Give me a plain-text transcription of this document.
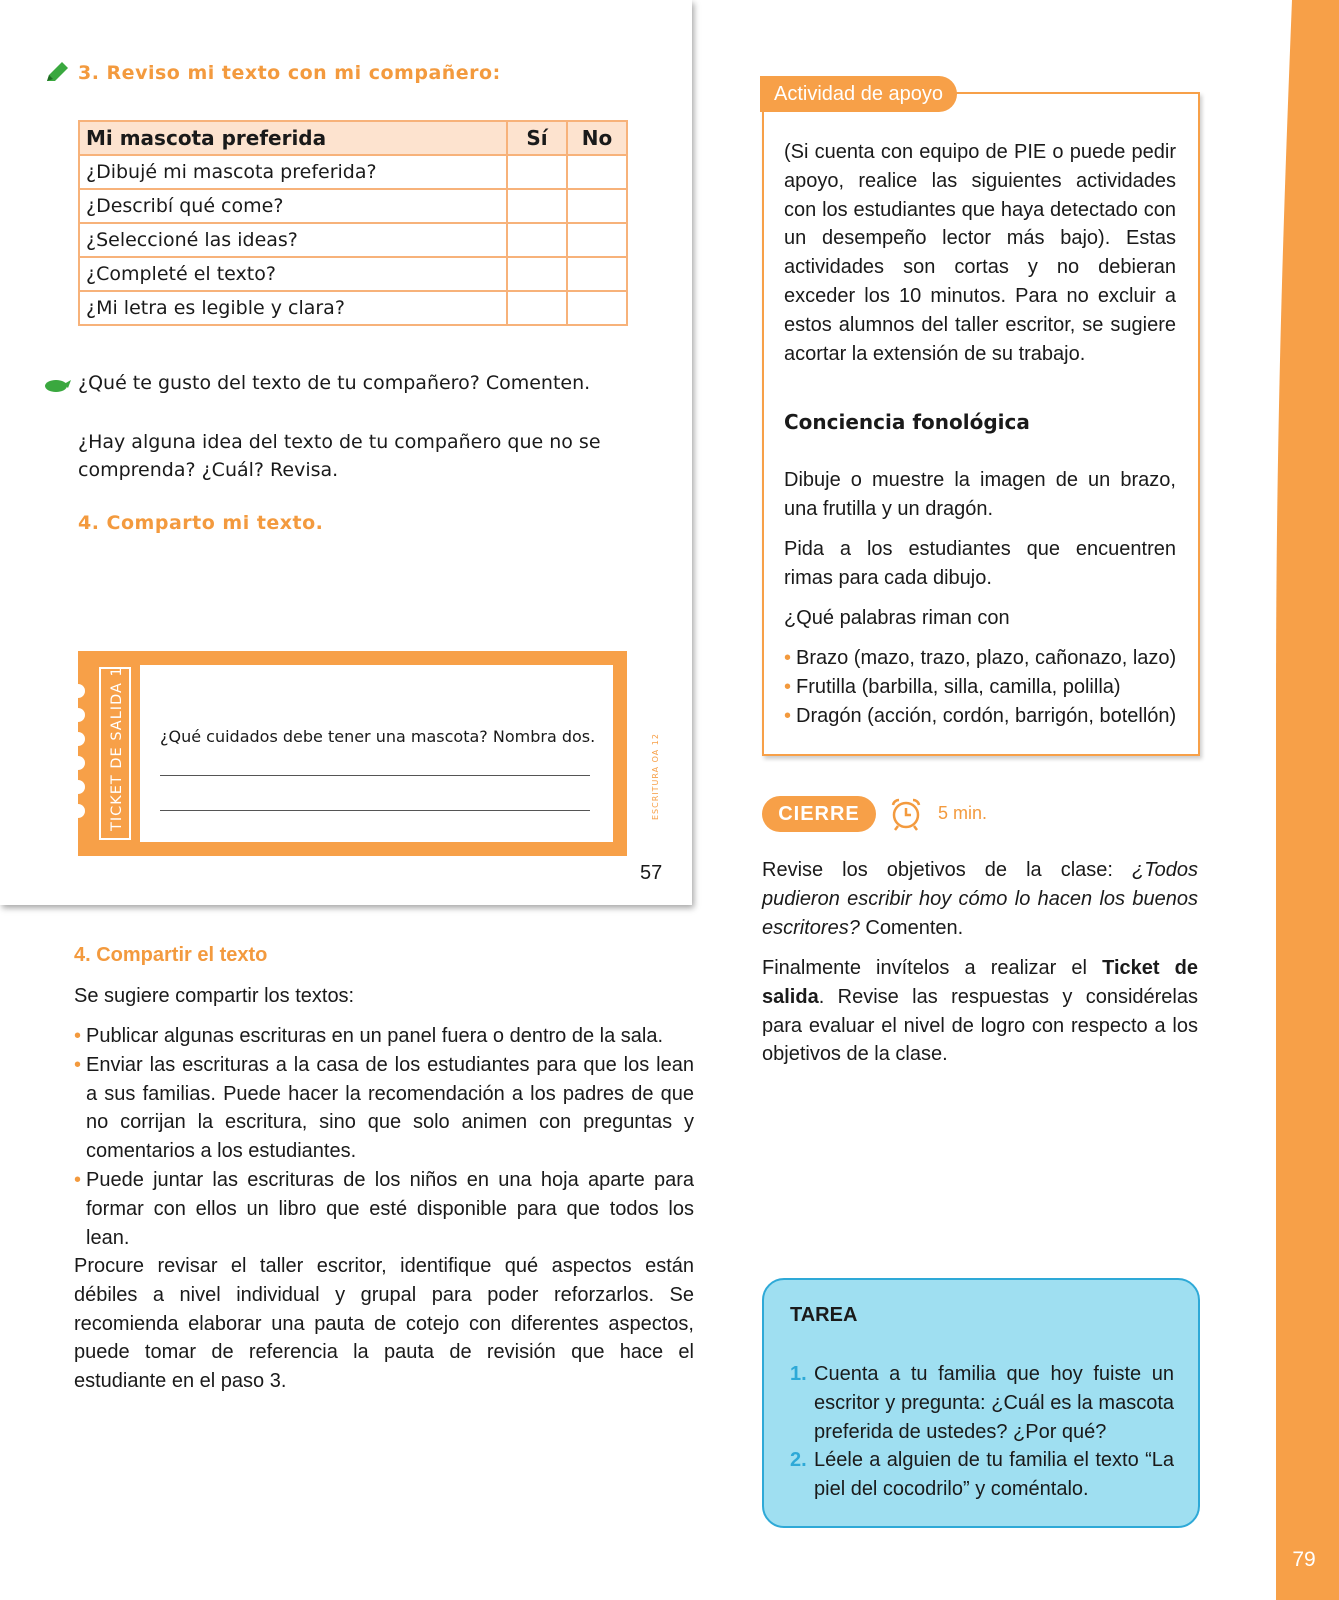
79
3. Reviso mi texto con mi compañero:
Mi mascota preferida	Sí	No
¿Dibujé mi mascota preferida?		
¿Describí qué come?		
¿Seleccioné las ideas?		
¿Completé el texto?		
¿Mi letra es legible y clara?		
¿Qué te gusto del texto de tu compañero? Comenten.
¿Hay alguna idea del texto de tu compañero que no se comprenda? ¿Cuál? Revisa.
4. Comparto mi texto.
TICKET DE SALIDA 16 ¿Qué cuidados debe tener una mascota? Nombra dos.	ESCRITURA OA 12
57
4. Compartir el texto
Se sugiere compartir los textos:
• Publicar algunas escrituras en un panel fuera o dentro de la sala.
• Enviar las escrituras a la casa de los estudiantes para que los lean a sus familias. Puede hacer la recomendación a los padres de que no corrijan la escritura, sino que solo animen con preguntas y comentarios a los estudiantes.
• Puede juntar las escrituras de los niños en una hoja aparte para formar con ellos un libro que esté disponible para que todos los lean.
Procure revisar el taller escritor, identifique qué aspectos están débiles a nivel individual y grupal para poder reforzarlos. Se recomienda elaborar una pauta de cotejo con diferentes aspectos, puede tomar de referencia la pauta de revisión que hace el estudiante en el paso 3.
Actividad de apoyo
(Si cuenta con equipo de PIE o puede pedir apoyo, realice las siguientes actividades con los estudiantes que haya detectado con un desempeño lector más bajo). Estas actividades son cortas y no debieran exceder los 10 minutos. Para no excluir a estos alumnos del taller escritor, se sugiere acortar la extensión de su trabajo.
Conciencia fonológica
Dibuje o muestre la imagen de un brazo, una frutilla y un dragón.
Pida a los estudiantes que encuentren rimas para cada dibujo.
¿Qué palabras riman con
• Brazo (mazo, trazo, plazo, cañonazo, lazo)
• Frutilla (barbilla, silla, camilla, polilla)
• Dragón (acción, cordón, barrigón, botellón)
CIERRE	5 min.
Revise los objetivos de la clase: ¿Todos pudieron escribir hoy cómo lo hacen los buenos escritores? Comenten.
Finalmente invítelos a realizar el Ticket de salida. Revise las respuestas y considérelas para evaluar el nivel de logro con respecto a los objetivos de la clase.
TAREA
1. Cuenta a tu familia que hoy fuiste un escritor y pregunta: ¿Cuál es la mascota preferida de ustedes? ¿Por qué?
2. Léele a alguien de tu familia el texto “La piel del cocodrilo” y coméntalo.
